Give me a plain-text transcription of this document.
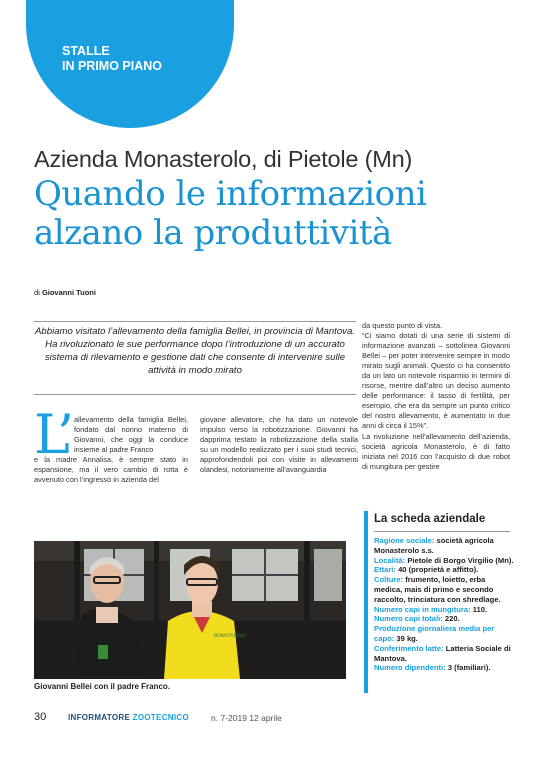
STALLE
IN PRIMO PIANO
Azienda Monasterolo, di Pietole (Mn)
Quando le informazioni
alzano la produttività
di Giovanni Tuoni
Abbiamo visitato l’allevamento della famiglia Bellei, in provincia di Mantova. Ha rivoluzionato le sue performance dopo l’introduzione di un accurato sistema di rilevamento e gestione dati che consente di intervenire sulle attività in modo mirato
L’ allevamento della famiglia Bellei, fondato dal nonno materno di Giovanni, che oggi la conduce insieme al padre Franco
e la madre Annalisa, è sempre stato in espansione, ma il vero cambio di rotta è avvenuto con l’ingresso in azienda del
giovane allevatore, che ha dato un notevole impulso verso la robotizzazione. Giovanni ha dapprima testato la robotizzazione della stalla su un modello realizzato per i suoi studi tecnici, approfondendoli poi con visite in allevamenti olandesi, notoriamente all’avanguardia
da questo punto di vista.
“Ci siamo dotati di una serie di sistemi di informazione avanzati – sottolinea Giovanni Bellei – per poter intervenire sempre in modo mirato sugli animali. Questo ci ha consentito da un lato un notevole risparmio in termini di risorse, mentre dall’altro un deciso aumento delle performance: il tasso di fertilità, per esempio, che era da sempre un punto critico del nostro allevamento, è aumentato in due anni di circa il 15%”.
La rivoluzione nell’allevamento dell’azienda, società agricola Monasterolo, è di fatto iniziata nel 2016 con l’acquisto di due robot di mungitura per gestire
MONASTEROLO
Giovanni Bellei con il padre Franco.
La scheda aziendale
Ragione sociale: società agricola Monasterolo s.s.
Località: Pietole di Borgo Virgilio (Mn).
Ettari: 40 (proprietà e affitto).
Colture: frumento, loietto, erba medica, mais di primo e secondo raccolto, trinciatura con shredlage.
Numero capi in mungitura: 110.
Numero capi totali: 220.
Produzione giornaliera media per capo: 39 kg.
Conferimento latte: Latteria Sociale di Mantova.
Numero dipendenti: 3 (familiari).
30	INFORMATORE ZOOTECNICO	n. 7-2019 12 aprile
